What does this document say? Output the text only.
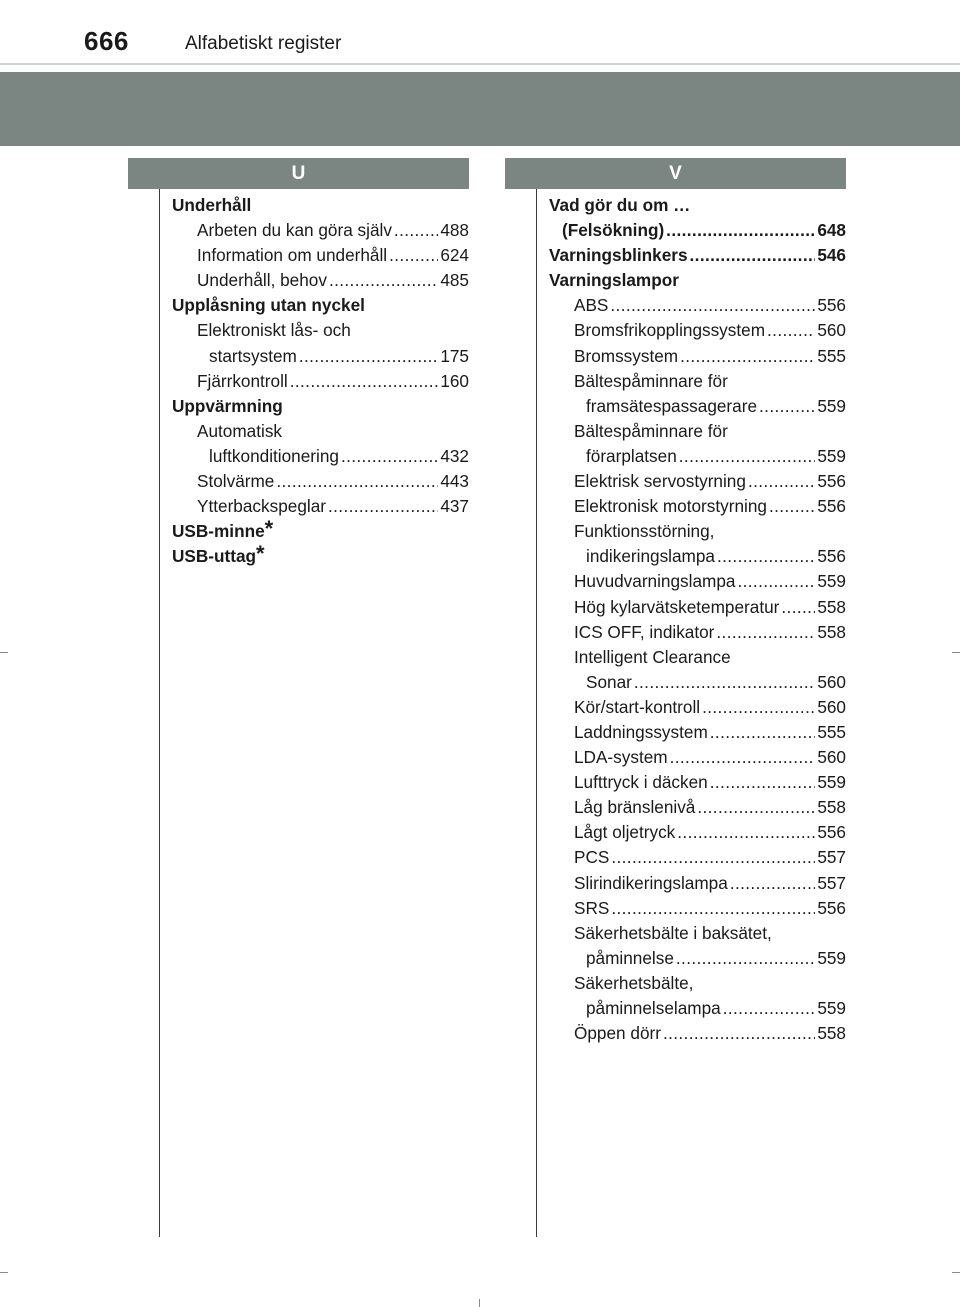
666	Alfabetiskt register
U
Underhåll
Arbeten du kan göra själv . . .	488
Information om underhåll . . .	624
Underhåll, behov . . .	485
Upplåsning utan nyckel
Elektroniskt lås- och
startsystem . . .	175
Fjärrkontroll . . .	160
Uppvärmning
Automatisk
luftkonditionering . . .	432
Stolvärme . . .	443
Ytterbackspeglar . . .	437
USB-minne *
USB-uttag *
V
Vad gör du om …
(Felsökning) . . .	648
Varningsblinkers . . .	546
Varningslampor
ABS . . .	556
Bromsfrikopplingssystem . . .	560
Bromssystem . . .	555
Bältespåminnare för
framsätespassagerare . . .	559
Bältespåminnare för
förarplatsen . . .	559
Elektrisk servostyrning . . .	556
Elektronisk motorstyrning . . .	556
Funktionsstörning,
indikeringslampa . . .	556
Huvudvarningslampa . . .	559
Hög kylarvätsketemperatur . . . 558
ICS OFF, indikator . . .	558
Intelligent Clearance
Sonar . . .	560
Kör/start-kontroll . . .	560
Laddningssystem . . .	555
LDA-system . . .	560
Lufttryck i däcken . . .	559
Låg bränslenivå . . .	558
Lågt oljetryck . . .	556
PCS . . .	557
Slirindikeringslampa . . .	557
SRS . . .	556
Säkerhetsbälte i baksätet,
påminnelse . . .	559
Säkerhetsbälte,
påminnelselampa . . .	559
Öppen dörr . . .	558
